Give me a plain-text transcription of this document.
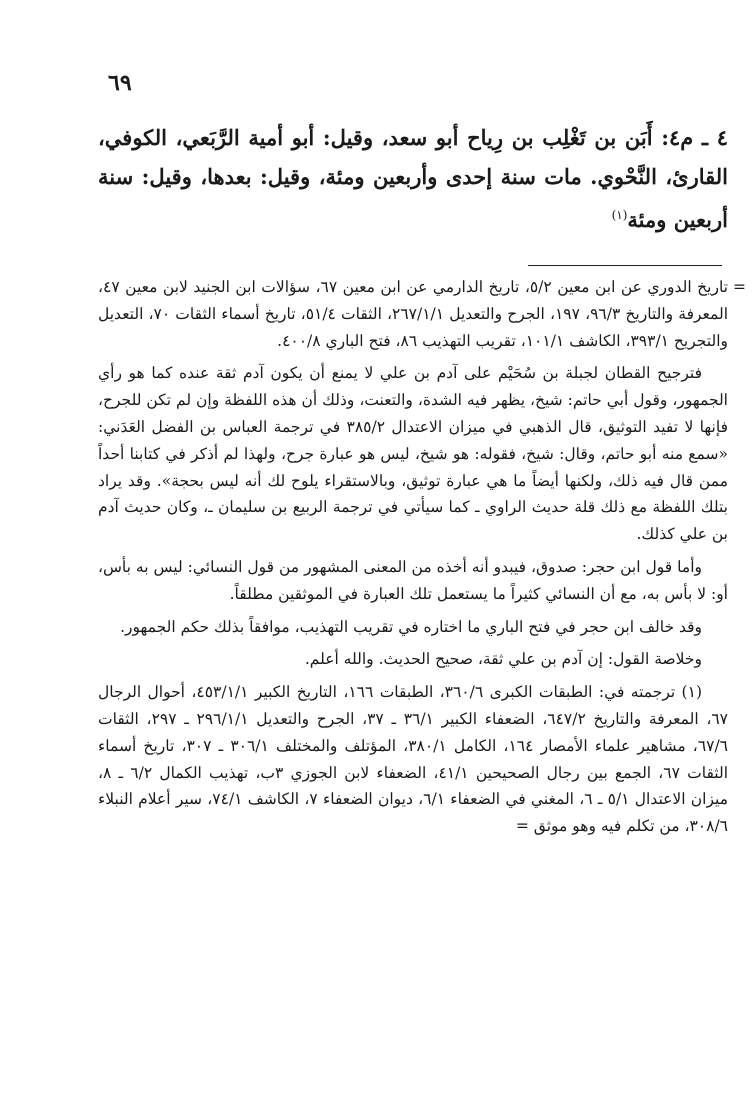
٦٩
٤ ـ م٤: أَبَن بن تَغْلِب بن رِياح أبو سعد، وقيل: أبو أمية الرَّبَعي، الكوفي، القارئ، النَّحْوي. مات سنة إحدى وأربعين ومئة، وقيل: بعدها، وقيل: سنة أربعين ومئة$^{(١)}$

=
تاريخ الدوري عن ابن معين ٥/٢، تاريخ الدارمي عن ابن معين ٦٧، سؤالات ابن الجنيد لابن معين ٤٧، المعرفة والتاريخ ٩٦/٣، ١٩٧، الجرح والتعديل ٢٦٧/١/١، الثقات ٥١/٤، تاريخ أسماء الثقات ٧٠، التعديل والتجريح ٣٩٣/١، الكاشف ١٠١/١، تقريب التهذيب ٨٦، فتح الباري ٤٠٠/٨.

فترجيح القطان لجبلة بن سُحَيْم على آدم بن علي لا يمنع أن يكون آدم ثقة عنده كما هو رأي الجمهور، وقول أبي حاتم: شيخ، يظهر فيه الشدة، والتعنت، وذلك أن هذه اللفظة وإن لم تكن للجرح، فإنها لا تفيد التوثيق، قال الذهبي في ميزان الاعتدال ٣٨٥/٢ في ترجمة العباس بن الفضل العَدَني: «سمع منه أبو حاتم، وقال: شيخ، فقوله: هو شيخ، ليس هو عبارة جرح، ولهذا لم أذكر في كتابنا أحداً ممن قال فيه ذلك، ولكنها أيضاً ما هي عبارة توثيق، وبالاستقراء يلوح لك أنه ليس بحجة». وقد يراد بتلك اللفظة مع ذلك قلة حديث الراوي ـ كما سيأتي في ترجمة الربيع بن سليمان ـ، وكان حديث آدم بن علي كذلك.

وأما قول ابن حجر: صدوق، فيبدو أنه أخذه من المعنى المشهور من قول النسائي: ليس به بأس، أو: لا بأس به، مع أن النسائي كثيراً ما يستعمل تلك العبارة في الموثقين مطلقاً.

وقد خالف ابن حجر في فتح الباري ما اختاره في تقريب التهذيب، موافقاً بذلك حكم الجمهور.

وخلاصة القول: إن آدم بن علي ثقة، صحيح الحديث. والله أعلم.

(١) ترجمته في: الطبقات الكبرى ٣٦٠/٦، الطبقات ١٦٦، التاريخ الكبير ٤٥٣/١/١، أحوال الرجال ٦٧، المعرفة والتاريخ ٦٤٧/٢، الضعفاء الكبير ٣٦/١ ـ ٣٧، الجرح والتعديل ٢٩٦/١/١ ـ ٢٩٧، الثقات ٦٧/٦، مشاهير علماء الأمصار ١٦٤، الكامل ٣٨٠/١، المؤتلف والمختلف ٣٠٦/١ ـ ٣٠٧، تاريخ أسماء الثقات ٦٧، الجمع بين رجال الصحيحين ٤١/١، الضعفاء لابن الجوزي ٣ب، تهذيب الكمال ٦/٢ ـ ٨، ميزان الاعتدال ٥/١ ـ ٦، المغني في الضعفاء ٦/١، ديوان الضعفاء ٧، الكاشف ٧٤/١، سير أعلام النبلاء ٣٠٨/٦، من تكلم فيه وهو موثق =
